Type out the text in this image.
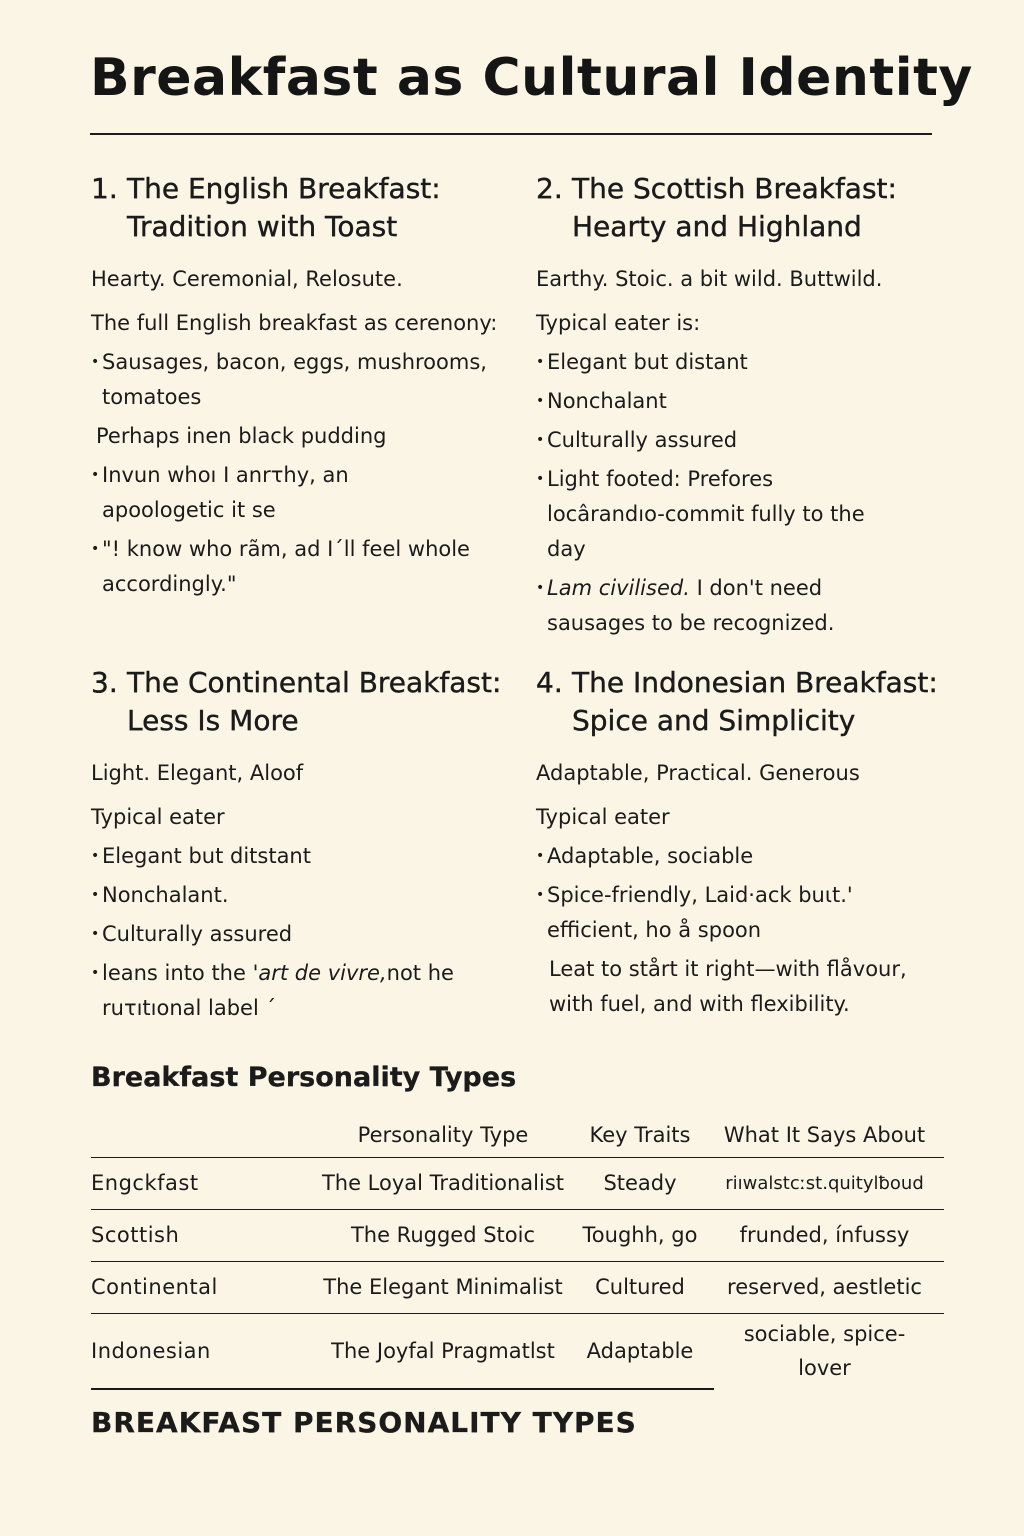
Breakfast as Cultural Identity
1. The English Breakfast:
Tradition with Toast

Hearty. Ceremonial, Relosute.

The full English breakfast as cerenony:

• Sausages, bacon, eggs, mushrooms, tomatoes
Perhaps inen black pudding
• Invun whoı I anrτhy, an apoologetic it se
• "! know who rãm, ad I´ll feel whole accordingly."
2. The Scottish Breakfast:
Hearty and Highland

Earthy. Stoic. a bit wild. Buttwild.

Typical eater is:

• Elegant but distant
• Nonchalant
• Culturally assured
• Light footed: Prefores locârandıo-commit fully to the day
• Lam civilised. I don't need sausages to be recognized.
3. The Continental Breakfast:
Less Is More

Light. Elegant, Aloof

Typical eater

• Elegant but ditstant
• Nonchalant.
• Culturally assured
• leans into the 'art de vivre,not he ruτıtıonal label ´
4. The Indonesian Breakfast:
Spice and Simplicity

Adaptable, Practical. Generous

Typical eater

• Adaptable, sociable
• Spice-friendly, Laid·ack buιt.' efficient, ho å spoon
Leat to stårt it right—with flåvour, with fuel, and with flexibility.
Breakfast Personality Types
	Personality Type	Key Traits	What It Says About
Engckfast	The Loyal Traditionalist	Steady	riıwalstcːst.quitylƀoud
Scottish	The Rugged Stoic	Toughh, go	frunded, ínfussy
Continental	The Elegant Minimalist	Cultured	reserved, aestletic
Indonesian	The Joyfal Pragmatlst	Adaptable	sociable, spice-lover
BREAKFAST PERSONALITY TYPES
